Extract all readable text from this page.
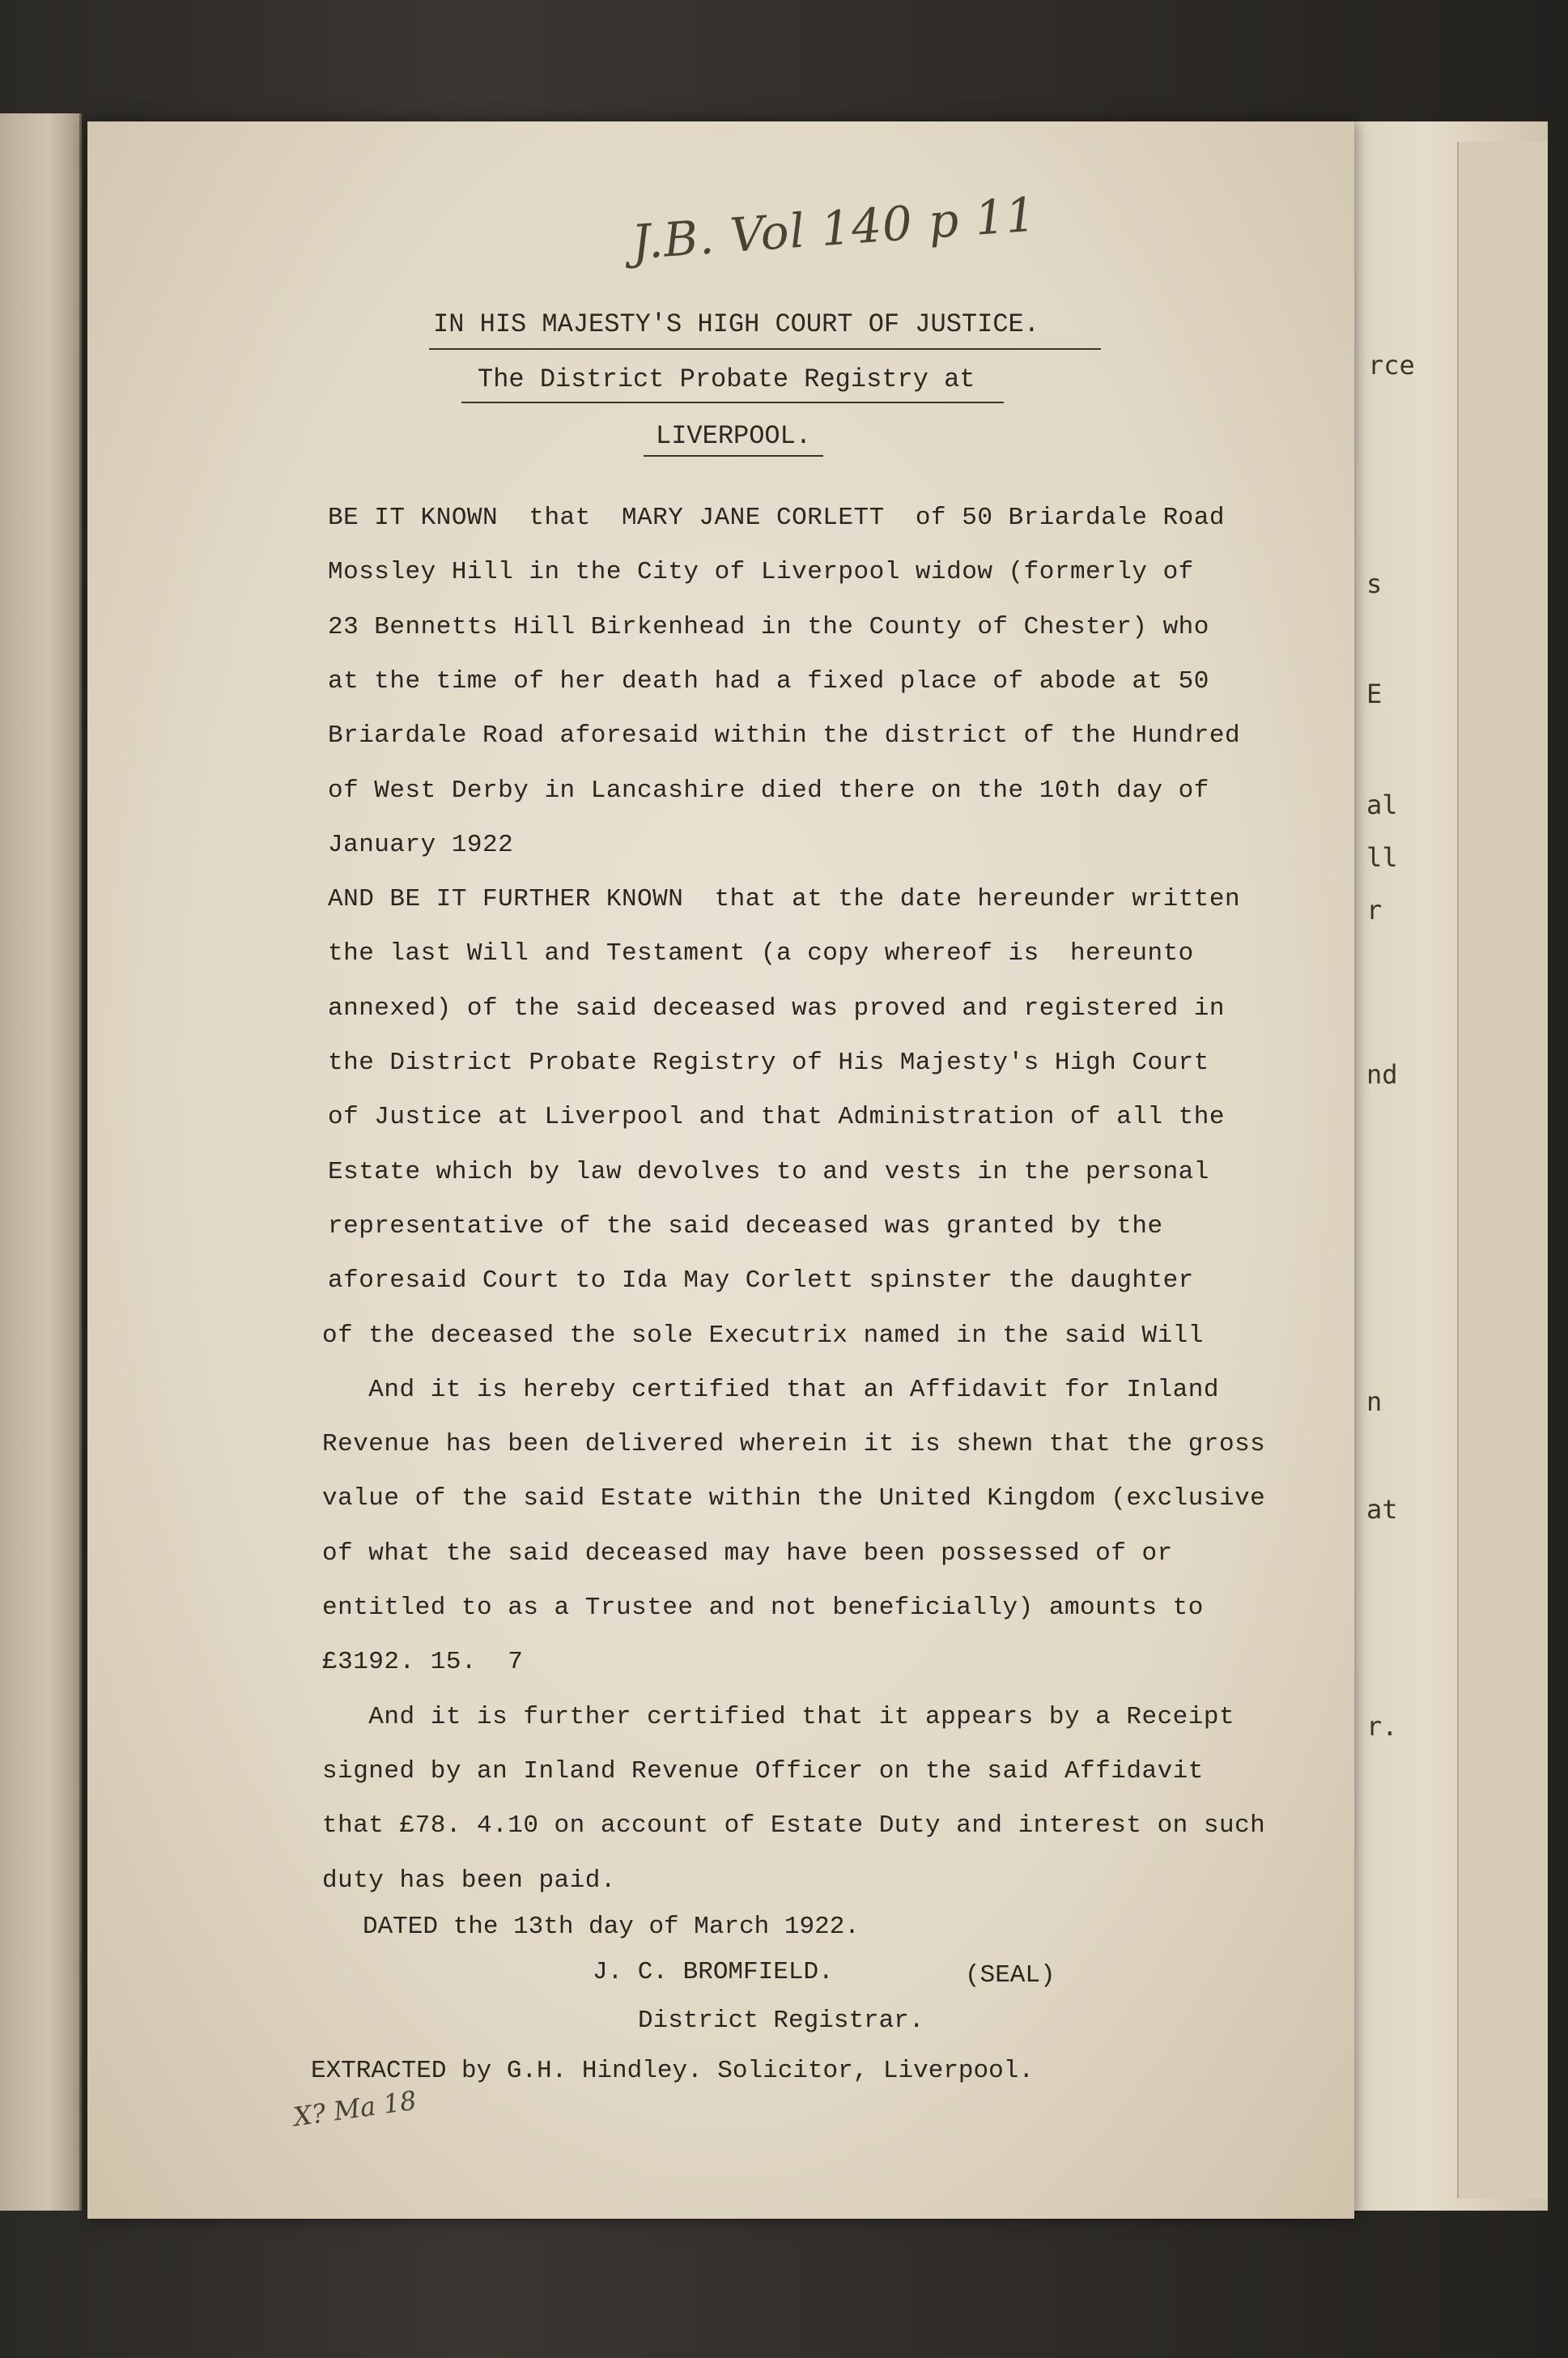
rce
s
E
al
ll
r
nd
n
at
r.
J.B. Vol 140 p 11
IN HIS MAJESTY'S HIGH COURT OF JUSTICE.
The District Probate Registry at
LIVERPOOL.
BE IT KNOWN  that  MARY JANE CORLETT  of 50 Briardale Road
Mossley Hill in the City of Liverpool widow (formerly of
23 Bennetts Hill Birkenhead in the County of Chester) who
at the time of her death had a fixed place of abode at 50
Briardale Road aforesaid within the district of the Hundred
of West Derby in Lancashire died there on the 10th day of
January 1922
AND BE IT FURTHER KNOWN  that at the date hereunder written
the last Will and Testament (a copy whereof is  hereunto
annexed) of the said deceased was proved and registered in
the District Probate Registry of His Majesty's High Court
of Justice at Liverpool and that Administration of all the
Estate which by law devolves to and vests in the personal
representative of the said deceased was granted by the
aforesaid Court to Ida May Corlett spinster the daughter
of the deceased the sole Executrix named in the said Will
And it is hereby certified that an Affidavit for Inland
Revenue has been delivered wherein it is shewn that the gross
value of the said Estate within the United Kingdom (exclusive
of what the said deceased may have been possessed of or
entitled to as a Trustee and not beneficially) amounts to
£3192. 15.  7
And it is further certified that it appears by a Receipt
signed by an Inland Revenue Officer on the said Affidavit
that £78. 4.10 on account of Estate Duty and interest on such
duty has been paid.
DATED the 13th day of March 1922.
J. C. BROMFIELD.	(SEAL)
District Registrar.
EXTRACTED by G.H. Hindley. Solicitor, Liverpool.
X? Ma 18
